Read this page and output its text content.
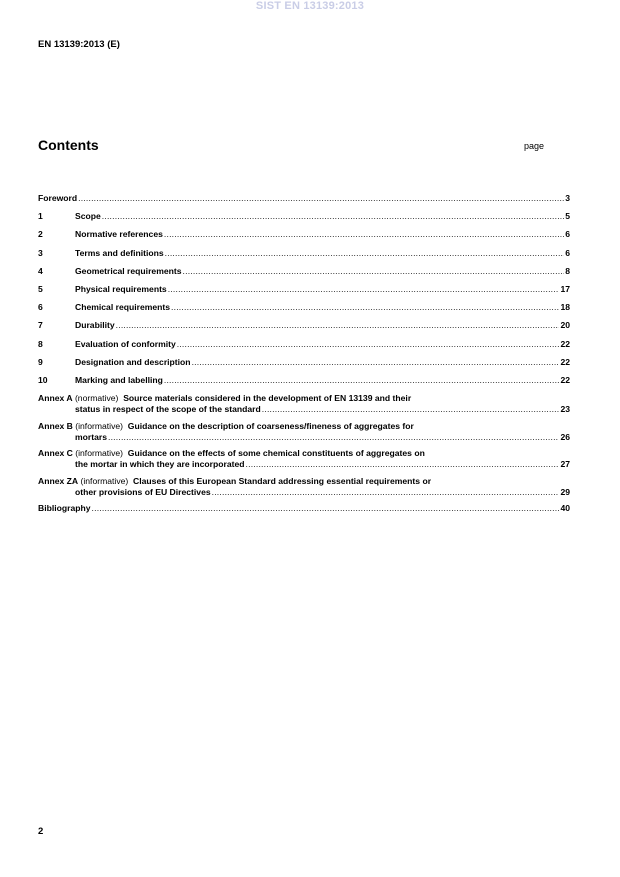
SIST EN 13139:2013
EN 13139:2013 (E)
Contents	page
Foreword .....	3
1	Scope .....	5
2	Normative references .....	6
3	Terms and definitions .....	6
4	Geometrical requirements .....	8
5	Physical requirements .....	17
6	Chemical requirements .....	18
7	Durability .....	20
8	Evaluation of conformity .....	22
9	Designation and description .....	22
10	Marking and labelling .....	22
Annex A (normative) Source materials considered in the development of EN 13139 and their
status in respect of the scope of the standard .....	23
Annex B (informative) Guidance on the description of coarseness/fineness of aggregates for
mortars .....	26
Annex C (informative) Guidance on the effects of some chemical constituents of aggregates on
the mortar in which they are incorporated .....	27
Annex ZA (informative) Clauses of this European Standard addressing essential requirements or
other provisions of EU Directives .....	29
Bibliography .....	40
2
